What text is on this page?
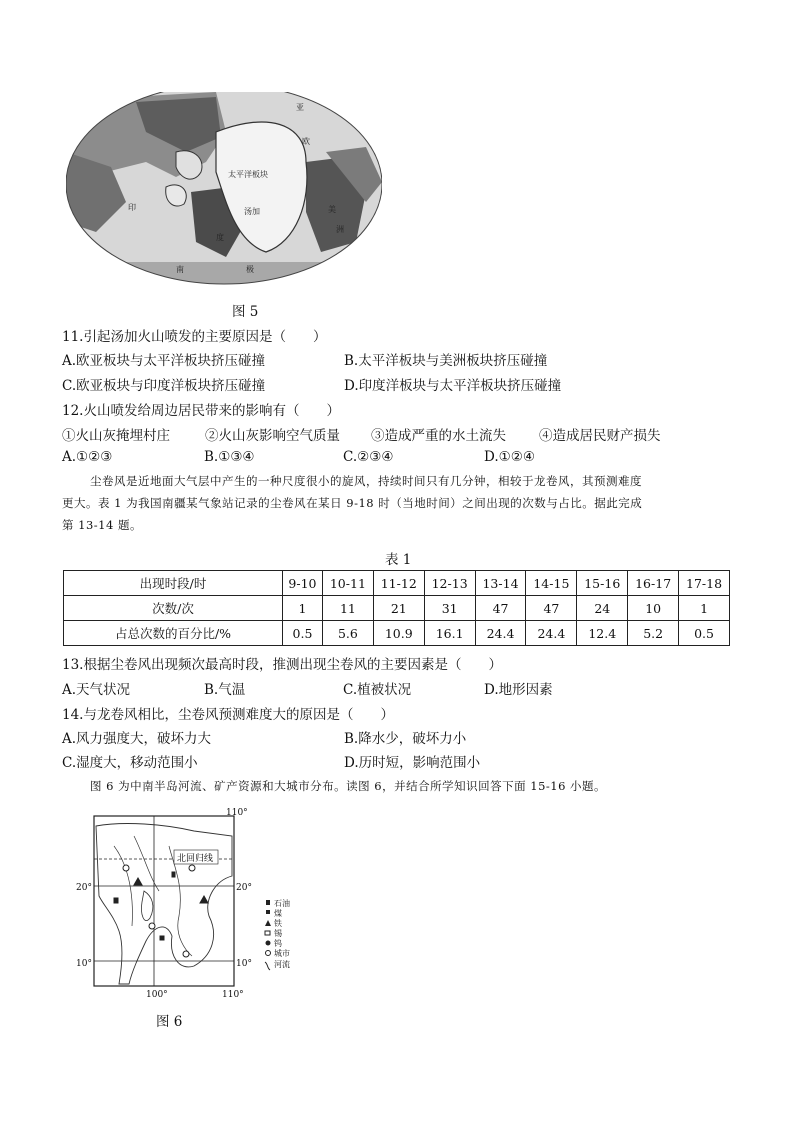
太平洋板块
亚
欧
印
度
美
洲
南	极
汤加
图 5
11.引起汤加火山喷发的主要原因是（　　）
A.欧亚板块与太平洋板块挤压碰撞	B.太平洋板块与美洲板块挤压碰撞
C.欧亚板块与印度洋板块挤压碰撞	D.印度洋板块与太平洋板块挤压碰撞
12.火山喷发给周边居民带来的影响有（　　）
①火山灰掩埋村庄	②火山灰影响空气质量 ③造成严重的水土流失 ④造成居民财产损失
A.①②③	B.①③④	C.②③④	D.①②④
尘卷风是近地面大气层中产生的一种尺度很小的旋风，持续时间只有几分钟，相较于龙卷风，其预测难度
更大。表 1 为我国南疆某气象站记录的尘卷风在某日 9-18 时（当地时间）之间出现的次数与占比。据此完成
第 13-14 题。
表 1
出现时段/时	9-10	10-11	11-12	12-13	13-14	14-15	15-16	16-17	17-18
次数/次	1	11	21	31	47	47	24	10	1
占总次数的百分比/%	0.5	5.6	10.9	16.1	24.4	24.4	12.4	5.2	0.5
13.根据尘卷风出现频次最高时段，推测出现尘卷风的主要因素是（　　）
A.天气状况	B.气温	C.植被状况	D.地形因素
14.与龙卷风相比，尘卷风预测难度大的原因是（　　）
A.风力强度大，破坏力大	B.降水少，破坏力小
C.湿度大，移动范围小	D.历时短，影响范围小
图 6 为中南半岛河流、矿产资源和大城市分布。读图 6，并结合所学知识回答下面 15-16 小题。
北回归线
110°
20°	20°
10°	10°
100°	110°
石油
煤
铁
锡
钨
城市
河流
图 6
